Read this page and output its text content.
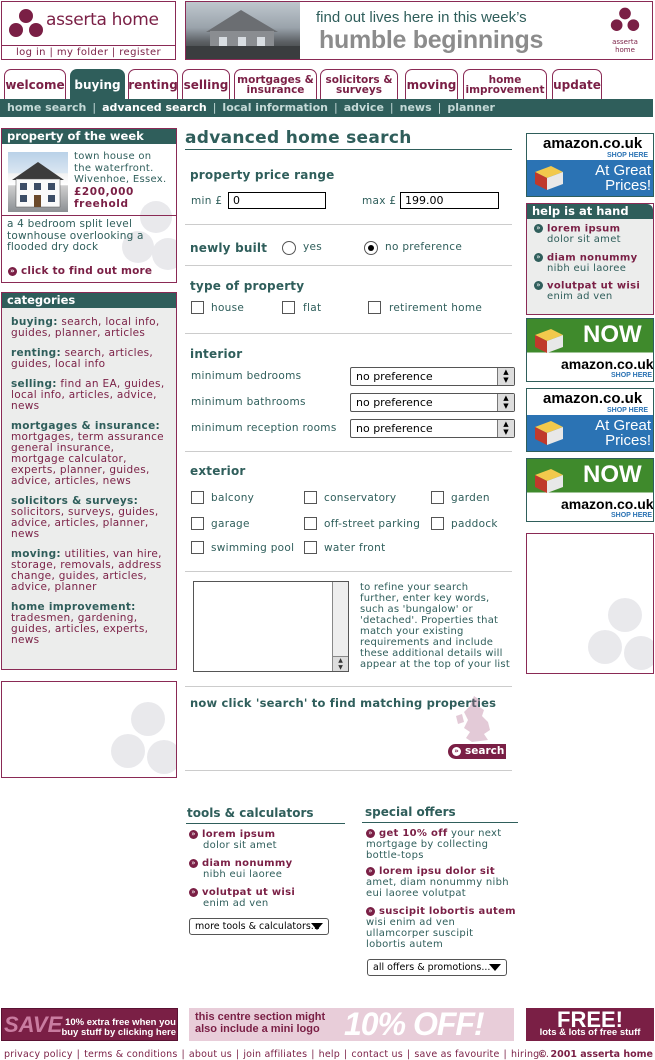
asserta home
log in | my folder | register
find out lives here in this week’s
humble beginnings	asserta home
welcome buying renting selling mortgages & insurance
solicitors & surveys	moving	home improvement update
home search | advanced search | local information | advice | news | planner
property of the week
town house on the waterfront. Wivenhoe, Essex.
£200,000 freehold
a 4 bedroom split level townhouse overlooking a flooded dry dock
» click to find out more
categories
buying: search, local info, guides, planner, articles
renting: search, articles, guides, local info
selling: find an EA, guides, local info, articles, advice, news
mortgages & insurance:
mortgages, term assurance general insurance, mortgage calculator, experts, planner, guides, advice, articles, news
solicitors & surveys:
solicitors, surveys, guides, advice, articles, planner, news
moving: utilities, van hire, storage, removals, address change, guides, articles, advice, planner
home improvement:
tradesmen, gardening, guides, articles, experts, news
advanced home search
property price range
min £ 0	max £ 199.00
newly built	yes	no preference
type of property
house	flat	retirement home
interior
minimum bedrooms	no preference	▲
▼
minimum bathrooms	no preference	▲
▼
minimum reception rooms	no preference	▲
▼
exterior
balcony	conservatory	garden
garage	off-street parking	paddock
swimming pool	water front
▲
▼
to refine your search further, enter key words, such as 'bungalow' or 'detached'. Properties that match your existing requirements and include these additional details will appear at the top of your list
now click 'search' to find matching properties
» search
amazon.co.uk
SHOP HERE
At Great Prices!
help is at hand
» lorem ipsum
dolor sit amet
» diam nonummy
nibh eui laoree
» volutpat ut wisi
enim ad ven
NOW
amazon.co.uk
SHOP HERE
amazon.co.uk
SHOP HERE
At Great Prices!
NOW
amazon.co.uk
SHOP HERE
tools & calculators
» lorem ipsum
dolor sit amet
» diam nonummy
nibh eui laoree
» volutpat ut wisi
enim ad ven
more tools & calculators...
special offers
» get 10% off your next mortgage by collecting bottle-tops
» lorem ipsu dolor sit amet, diam nonummy nibh eui laoree volutpat
» suscipit lobortis autem wisi enim ad ven ullamcorper suscipit lobortis autem
all offers & promotions...
SAVE 10% extra free when you buy stuff by clicking here
this centre section might also include a mini logo 10% OFF!	FREE!
lots & lots of free stuff
privacy policy | terms & conditions | about us | join affiliates | help | contact us | save as favourite | hiring...
© 2001 asserta home
